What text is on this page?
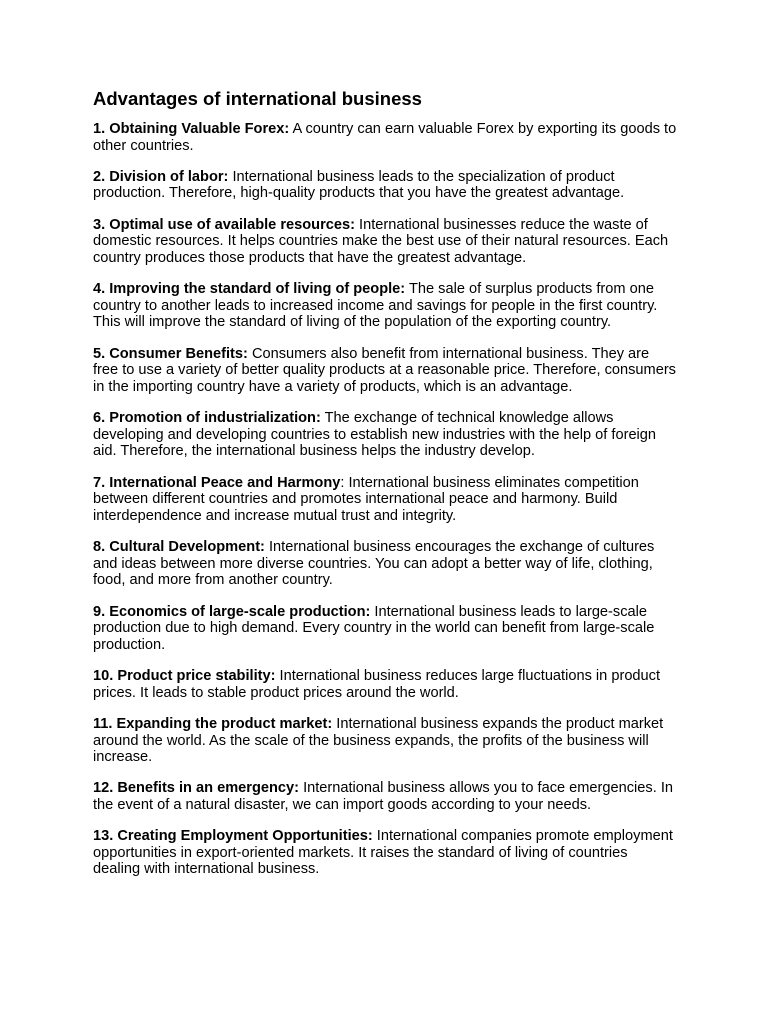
Advantages of international business

1. Obtaining Valuable Forex: A country can earn valuable Forex by exporting its goods to other countries.

2. Division of labor: International business leads to the specialization of product production. Therefore, high-quality products that you have the greatest advantage.

3. Optimal use of available resources: International businesses reduce the waste of domestic resources. It helps countries make the best use of their natural resources. Each country produces those products that have the greatest advantage.

4. Improving the standard of living of people: The sale of surplus products from one country to another leads to increased income and savings for people in the first country. This will improve the standard of living of the population of the exporting country.

5. Consumer Benefits: Consumers also benefit from international business. They are free to use a variety of better quality products at a reasonable price. Therefore, consumers in the importing country have a variety of products, which is an advantage.

6. Promotion of industrialization: The exchange of technical knowledge allows developing and developing countries to establish new industries with the help of foreign aid. Therefore, the international business helps the industry develop.

7. International Peace and Harmony: International business eliminates competition between different countries and promotes international peace and harmony. Build interdependence and increase mutual trust and integrity.

8. Cultural Development: International business encourages the exchange of cultures and ideas between more diverse countries. You can adopt a better way of life, clothing, food, and more from another country.

9. Economics of large-scale production: International business leads to large-scale production due to high demand. Every country in the world can benefit from large-scale production.

10. Product price stability: International business reduces large fluctuations in product prices. It leads to stable product prices around the world.

11. Expanding the product market: International business expands the product market around the world. As the scale of the business expands, the profits of the business will increase.

12. Benefits in an emergency: International business allows you to face emergencies. In the event of a natural disaster, we can import goods according to your needs.

13. Creating Employment Opportunities: International companies promote employment opportunities in export-oriented markets. It raises the standard of living of countries dealing with international business.
